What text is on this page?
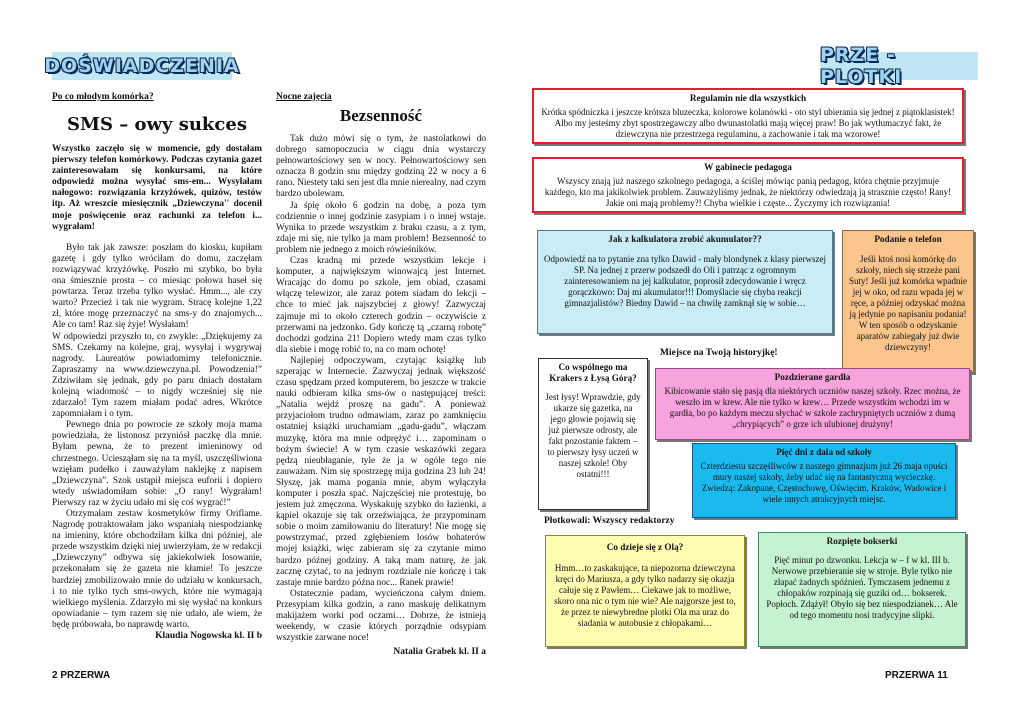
DOŚWIADCZENIA
Po co młodym komórka?
SMS – owy sukces
Wszystko zaczęło się w momencie, gdy dostałam pierwszy telefon komórkowy. Podczas czytania gazet zainteresowałam się konkursami, na które odpowiedź można wysyłać sms-em... Wysyłałam nałogowo: rozwiązania krzyżówek, quizów, testów itp. Aż wreszcie miesięcznik „Dziewczyna'' docenił moje poświęcenie oraz rachunki za telefon i... wygrałam!

Było tak jak zawsze: poszłam do kiosku, kupiłam gazetę i gdy tylko wróciłam do domu, zaczęłam rozwiązywać krzyżówkę. Poszło mi szybko, bo była ona śmiesznie prosta – co miesiąc połowa haseł się powtarza. Teraz trzeba tylko wysłać. Hmm..., ale czy warto? Przecież i tak nie wygram. Stracę kolejne 1,22 zł, które mogę przeznaczyć na sms-y do znajomych... Ale co tam! Raz się żyje! Wysłałam!

W odpowiedzi przyszło to, co zwykle: „Dziękujemy za SMS. Czekamy na kolejne, graj, wysyłaj i wygrywaj nagrody. Laureatów powiadomimy telefonicznie. Zapraszamy na www.dziewczyna.pl. Powodzenia!” Zdziwiłam się jednak, gdy po paru dniach dostałam kolejną wiadomość – to nigdy wcześniej się nie zdarzało! Tym razem miałam podać adres. Wkrótce zapomniałam i o tym.

Pewnego dnia po powrocie ze szkoły moja mama powiedziała, że listonosz przyniósł paczkę dla mnie. Byłam pewna, że to prezent imieninowy od chrzestnego. Uciesząłam się na ta myśl, uszczęśliwiona wzięłam pudełko i zauważyłam naklejkę z napisem „Dziewczyna”. Szok ustąpił miejsca euforii i dopiero wtedy uświadomiłam sobie: „O rany! Wygrałam! Pierwszy raz w życiu udało mi się coś wygrać!”

Otrzymałam zestaw kosmetyków firmy Oriflame. Nagrodę potraktowałam jako wspaniałą niespodziankę na imieniny, które obchodziłam kilka dni później, ale przede wszystkim dzięki niej uwierzyłam, że w redakcji „Dziewczyny” odbywa się jakiekolwiek losowanie, przekonałam się że gazeta nie kłamie! To jeszcze bardziej zmobilizowało mnie do udziału w konkursach, i to nie tylko tych sms-owych, które nie wymagają wielkiego myślenia. Zdarzyło mi się wysłać na konkurs opowiadanie – tym razem się nie udało, ale wiem, że będę próbowała, bo naprawdę warto.

Klaudia Nogowska kl. II b
Nocne zajęcia
Bezsenność

Tak dużo mówi się o tym, że nastolatkowi do dobrego samopoczucia w ciągu dnia wystarczy pełnowartościowy sen w nocy. Pełnowartościowy sen oznacza 8 godzin snu między godziną 22 w nocy a 6 rano. Niestety taki sen jest dla mnie nierealny, nad czym bardzo ubolewam.

Ja śpię około 6 godzin na dobę, a poza tym codziennie o innej godzinie zasypiam i o innej wstaje. Wynika to przede wszystkim z braku czasu, a z tym, zdaje mi się, nie tylko ja mam problem! Bezsenność to problem nie jednego z moich rówieśników.

Czas kradną mi przede wszystkim lekcje i komputer, a największym winowajcą jest Internet. Wracając do domu po szkole, jem obiad, czasami włączę telewizor, ale zaraz potem siadam do lekcji – chce to mieć jak najszybciej z głowy! Zazwyczaj zajmuje mi to około czterech godzin – oczywiście z przerwami na jedzonko. Gdy kończę tą „czarną robotę” dochodzi godzina 21! Dopiero wtedy mam czas tylko dla siebie i mogę robić to, na co mam ochotę!

Najlepiej odpoczywam, czytając książkę lub szperając w Internecie. Zazwyczaj jednak większość czasu spędzam przed komputerem, bo jeszcze w trakcie nauki odbieram kilka sms-ów o następującej treści: „Natalia wejdź proszę na gadu”. A ponieważ przyjaciołom trudno odmawiam, zaraz po zamknięciu ostatniej książki uruchamiam „gadu-gadu”, włączam muzykę, która ma mnie odprężyć i… zapominam o bożym świecie! A w tym czasie wskazówki zegara pędzą nieubłaganie, tyle że ja w ogóle tego nie zauważam. Nim się spostrzegę mija godzina 23 lub 24! Słyszę, jak mama pogania mnie, abym wyłączyła komputer i poszła spać. Najczęściej nie protestuję, bo jestem już zmęczona. Wyskakuję szybko do łazienki, a kąpiel okazuje się tak orzeźwiająca, że przypominam sobie o moim zamiłowaniu do literatury! Nie mogę się powstrzymać, przed zgłębieniem losów bohaterów mojej książki, więc zabieram się za czytanie mimo bardzo późnej godziny. A taką mam naturę, że jak zacznę czytać, to na jednym rozdziale nie kończę i tak zastaje mnie bardzo późna noc... Ranek prawie!

Ostatecznie padam, wycieńczona całym dniem. Przesypiam kilka godzin, a rano maskuję delikatnym makijażem worki pod oczami… Dobrze, że istnieją weekendy, w czasie których porządnie odsypiam wszystkie zarwane noce!

Natalia Grabek kl. II a
2 PRZERWA
PRZE - PLOTKI
Regulamin nie dla wszystkich
Krótka spódniczka i jeszcze krótsza bluzeczka, kolorowe kolanówki - oto styl ubierania się jednej z piątoklasistek! Albo my jesteśmy zbyt spostrzegawczy albo dwunastolatki mają więcej praw! Bo jak wytłumaczyć fakt, że dziewczyna nie przestrzega regulaminu, a zachowanie i tak ma wzorowe!
W gabinecie pedagoga
Wszyscy znają już naszego szkolnego pedagoga, a ściślej mówiąc panią pedagog, która chętnie przyjmuje każdego, kto ma jakikolwiek problem. Zauważyliśmy jednak, że niektórzy odwiedzają ją strasznie często! Rany! Jakie oni mają problemy?! Chyba wielkie i częste... Życzymy ich rozwiązania!
Jak z kalkulatora zrobić akumulator??
Odpowiedź na to pytanie zna tylko Dawid - mały blondynek z klasy pierwszej SP. Na jednej z przerw podszedł do Oli i patrząc z ogromnym zainteresowaniem na jej kalkulator, poprosił zdecydowanie i wręcz gorączkowo: Daj mi akumulator!!! Domyślacie się chyba reakcji gimnazjalistów? Biedny Dawid – na chwilę zamknął się w sobie…
Podanie o telefon
Jeśli ktoś nosi komórkę do szkoły, niech się strzeże pani Suty! Jeśli już komórka wpadnie jej w oko, od razu wpada jej w ręce, a później odzyskać można ją jedynie po napisaniu podania! W ten sposób o odzyskanie aparatów zabiegały już dwie dziewczyny!
Co wspólnego ma Krakers z Łysą Górą?
Jest łysy! Wprawdzie, gdy ukarze się gazetka, na jego głowie pojawią się już pierwsze odrosty, ale fakt pozostanie faktem – to pierwszy łysy uczeń w naszej szkole! Oby ostatni!!!
Miejsce na Twoją historyjkę!
Pozdzierane gardła
Kibicowanie stało się pasją dla niektórych uczniów naszej szkoły. Rzec można, że weszło im w krew. Ale nie tylko w krew… Przede wszystkim wchodzi im w gardła, bo po każdym meczu słychać w szkole zachrypniętych uczniów z dumą „chrypiących” o grze ich ulubionej drużyny!
Pięć dni z dala od szkoły
Czterdziestu szczęśliwców z naszego gimnazjum już 26 maja opuści mury naszej szkoły, żeby udać się na fantastyczną wycieczkę. Zwiedzą: Zakopane, Częstochowę, Oświęcim, Kraków, Wadowice i wiele innych atrakcyjnych miejsc.
Płotkowali: Wszyscy redaktorzy
Co dzieje się z Olą?
Hmm…to zaskakujące, ta niepozorna dziewczyna kręci do Mariusza, a gdy tylko nadarzy się okazja całuje się z Pawłem… Ciekawe jak to możliwe, skoro ona nic o tym nie wie? Ale najgorsze jest to, że przez te niewybredne plotki Ola ma uraz do siadania w autobusie z chłopakami…
Rozpięte bokserki
Pięć minut po dzwonku. Lekcja w – f w kl. III b. Nerwowe przebieranie się w stroje. Byle tylko nie złapać żadnych spóźnień. Tymczasem jednemu z chłopaków rozpinają się guziki od… bokserek. Popłoch. Zdążył! Obyło się bez niespodzianek… Ale od tego momentu nosi tradycyjne slipki.
PRZERWA 11
